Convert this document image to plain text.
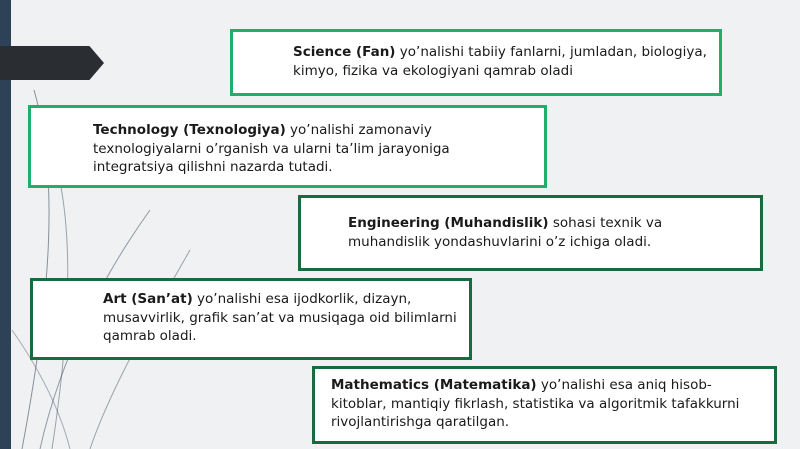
Science (Fan) yo’nalishi tabiiy fanlarni, jumladan, biologiya, kimyo, fizika va ekologiyani qamrab oladi
Technology (Texnologiya) yo’nalishi zamonaviy texnologiyalarni o’rganish va ularni ta’lim jarayoniga integratsiya qilishni nazarda tutadi.
Engineering (Muhandislik) sohasi texnik va muhandislik yondashuvlarini o’z ichiga oladi.
Art (San’at) yo’nalishi esa ijodkorlik, dizayn, musavvirlik, grafik san’at va musiqaga oid bilimlarni qamrab oladi.
Mathematics (Matematika) yo’nalishi esa aniq hisob-kitoblar, mantiqiy fikrlash, statistika va algoritmik tafakkurni rivojlantirishga qaratilgan.
